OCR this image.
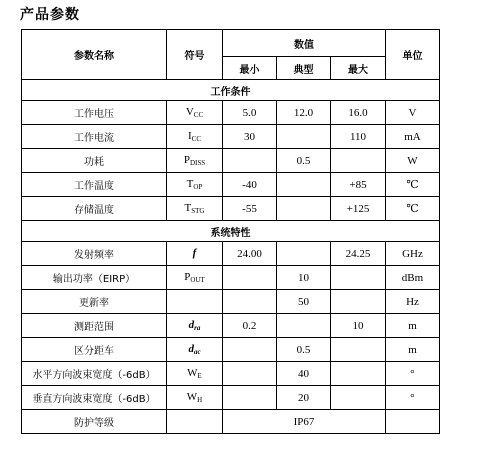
产品参数
参数名称	符号	数值			单位
		最小	典型	最大	
工作条件					
工作电压	$V_{CC}$	5.0	12.0	16.0	V
工作电流	$I_{CC}$	30		110	mA
功耗	$P_{DISS}$		0.5		W
工作温度	$T_{OP}$	-40		+85	℃
存储温度	$T_{STG}$	-55		+125	℃
系统特性					
发射频率	f	24.00		24.25	GHz
输出功率（EIRP）	$P_{OUT}$		10		dBm
更新率			50		Hz
测距范围	$d_{ra}$	0.2		10	m
区分距车	$d_{ac}$		0.5		m
水平方向波束宽度（-6dB）	$W_E$		40		°
垂直方向波束宽度（-6dB）	$W_H$		20		°
防护等级		IP67			
